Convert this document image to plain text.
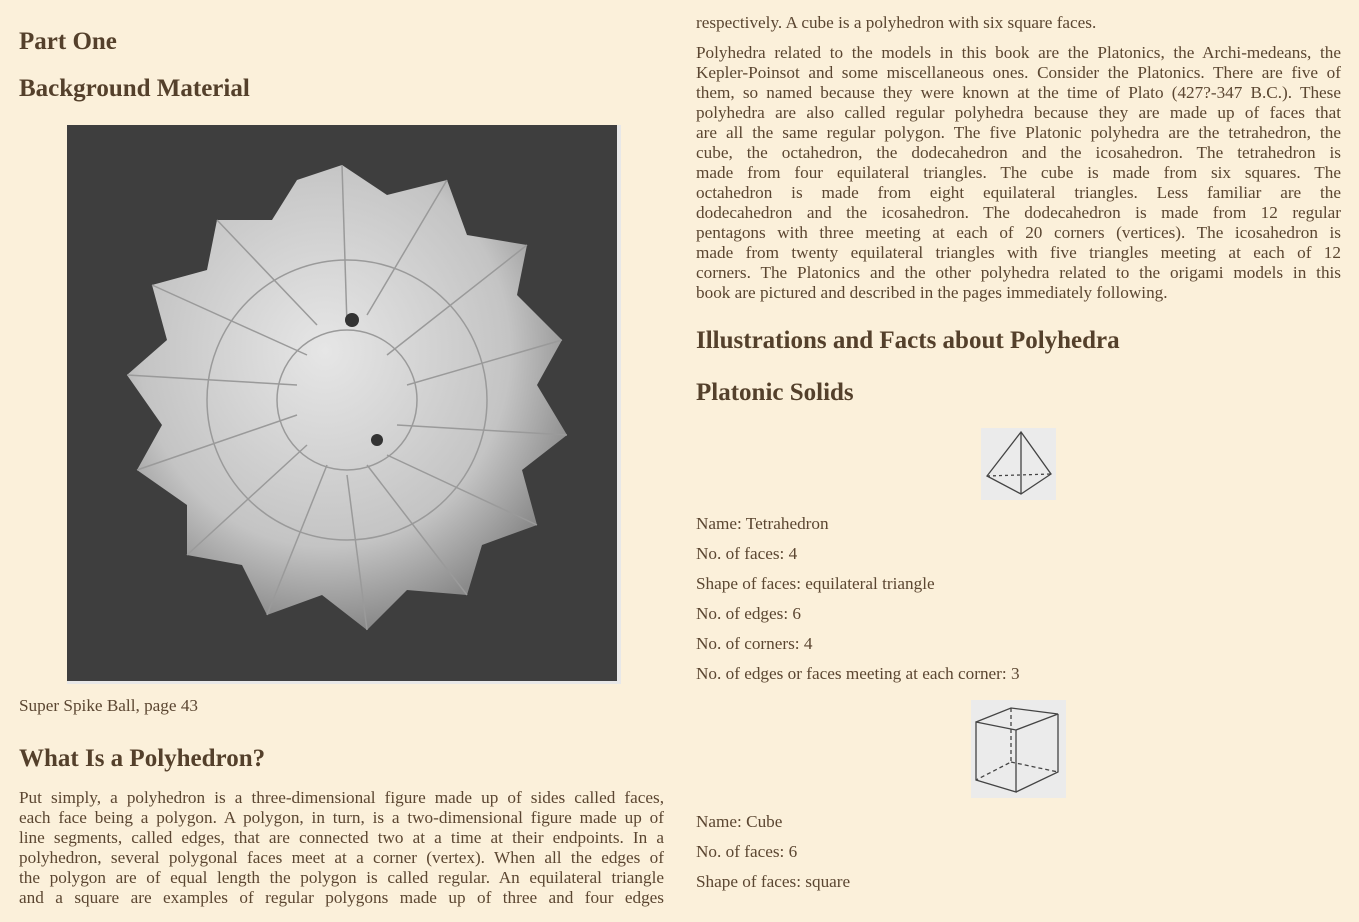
Part One
Background Material
Super Spike Ball, page 43
What Is a Polyhedron?
Put simply, a polyhedron is a three-dimensional figure made up of sides called faces,
each face being a polygon. A polygon, in turn, is a two-dimensional figure made up of
line segments, called edges, that are connected two at a time at their endpoints. In a
polyhedron, several polygonal faces meet at a corner (vertex). When all the edges of
the polygon are of equal length the polygon is called regular. An equilateral triangle
and a square are examples of regular polygons made up of three and four edges
respectively. A cube is a polyhedron with six square faces.
Polyhedra related to the models in this book are the Platonics, the Archi-medeans, the
Kepler-Poinsot and some miscellaneous ones. Consider the Platonics. There are five of
them, so named because they were known at the time of Plato (427?-347 B.C.). These
polyhedra are also called regular polyhedra because they are made up of faces that
are all the same regular polygon. The five Platonic polyhedra are the tetrahedron, the
cube, the octahedron, the dodecahedron and the icosahedron. The tetrahedron is
made from four equilateral triangles. The cube is made from six squares. The
octahedron is made from eight equilateral triangles. Less familiar are the
dodecahedron and the icosahedron. The dodecahedron is made from 12 regular
pentagons with three meeting at each of 20 corners (vertices). The icosahedron is
made from twenty equilateral triangles with five triangles meeting at each of 12
corners. The Platonics and the other polyhedra related to the origami models in this
book are pictured and described in the pages immediately following.
Illustrations and Facts about Polyhedra
Platonic Solids
Name: Tetrahedron
No. of faces: 4
Shape of faces: equilateral triangle
No. of edges: 6
No. of corners: 4
No. of edges or faces meeting at each corner: 3
Name: Cube
No. of faces: 6
Shape of faces: square
